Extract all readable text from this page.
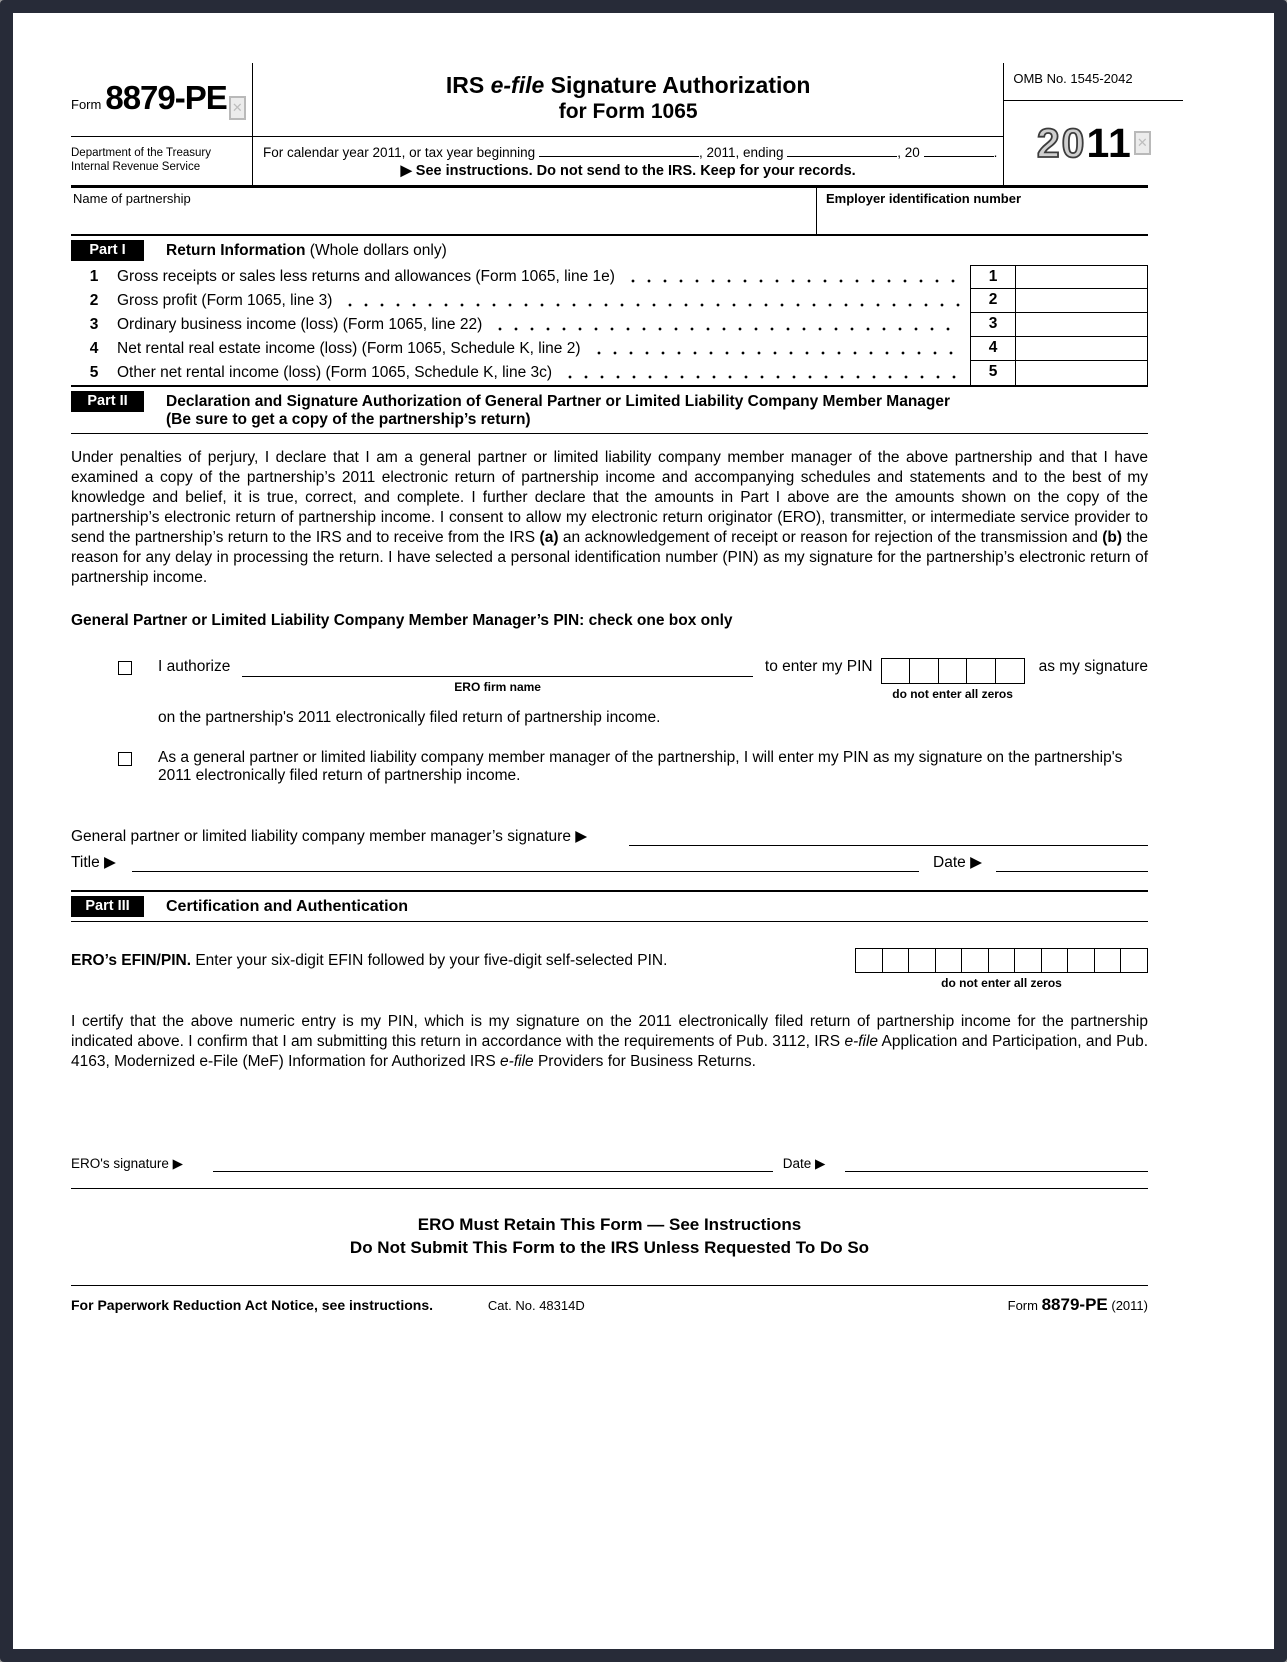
Form 8879-PE ✕
Department of the Treasury
Internal Revenue Service
IRS e-file Signature Authorization
for Form 1065
For calendar year 2011, or tax year beginning	, 2011, ending	, 20	.
▶ See instructions. Do not send to the IRS. Keep for your records.
OMB No. 1545-2042
20 11 ✕
Name of partnership	Employer identification number
Part I	Return Information (Whole dollars only)
1	Gross receipts or sales less returns and allowances (Form 1065, line 1e)	1
2	Gross profit (Form 1065, line 3)	2
3	Ordinary business income (loss) (Form 1065, line 22)	3
4	Net rental real estate income (loss) (Form 1065, Schedule K, line 2)	4
5	Other net rental income (loss) (Form 1065, Schedule K, line 3c)	5
Part II	Declaration and Signature Authorization of General Partner or Limited Liability Company Member Manager
(Be sure to get a copy of the partnership’s return)

Under penalties of perjury, I declare that I am a general partner or limited liability company member manager of the above partnership and that I have examined a copy of the partnership’s 2011 electronic return of partnership income and accompanying schedules and statements and to the best of my knowledge and belief, it is true, correct, and complete. I further declare that the amounts in Part I above are the amounts shown on the copy of the partnership’s electronic return of partnership income. I consent to allow my electronic return originator (ERO), transmitter, or intermediate service provider to send the partnership’s return to the IRS and to receive from the IRS (a) an acknowledgement of receipt or reason for rejection of the transmission and (b) the reason for any delay in processing the return. I have selected a personal identification number (PIN) as my signature for the partnership’s electronic return of partnership income.

General Partner or Limited Liability Company Member Manager’s PIN: check one box only
I authorize
ERO firm name
to enter my PIN
do not enter all zeros
as my signature
on the partnership's 2011 electronically filed return of partnership income.
As a general partner or limited liability company member manager of the partnership, I will enter my PIN as my signature on the partnership's 2011 electronically filed return of partnership income.
General partner or limited liability company member manager’s signature ▶
Title ▶	Date ▶
Part III	Certification and Authentication
ERO’s EFIN/PIN. Enter your six-digit EFIN followed by your five-digit self-selected PIN.
do not enter all zeros

I certify that the above numeric entry is my PIN, which is my signature on the 2011 electronically filed return of partnership income for the partnership indicated above. I confirm that I am submitting this return in accordance with the requirements of Pub. 3112, IRS e-file Application and Participation, and Pub. 4163, Modernized e-File (MeF) Information for Authorized IRS e-file Providers for Business Returns.

ERO's signature ▶	Date ▶
ERO Must Retain This Form — See Instructions
Do Not Submit This Form to the IRS Unless Requested To Do So
For Paperwork Reduction Act Notice, see instructions.	Cat. No. 48314D	Form 8879-PE (2011)
